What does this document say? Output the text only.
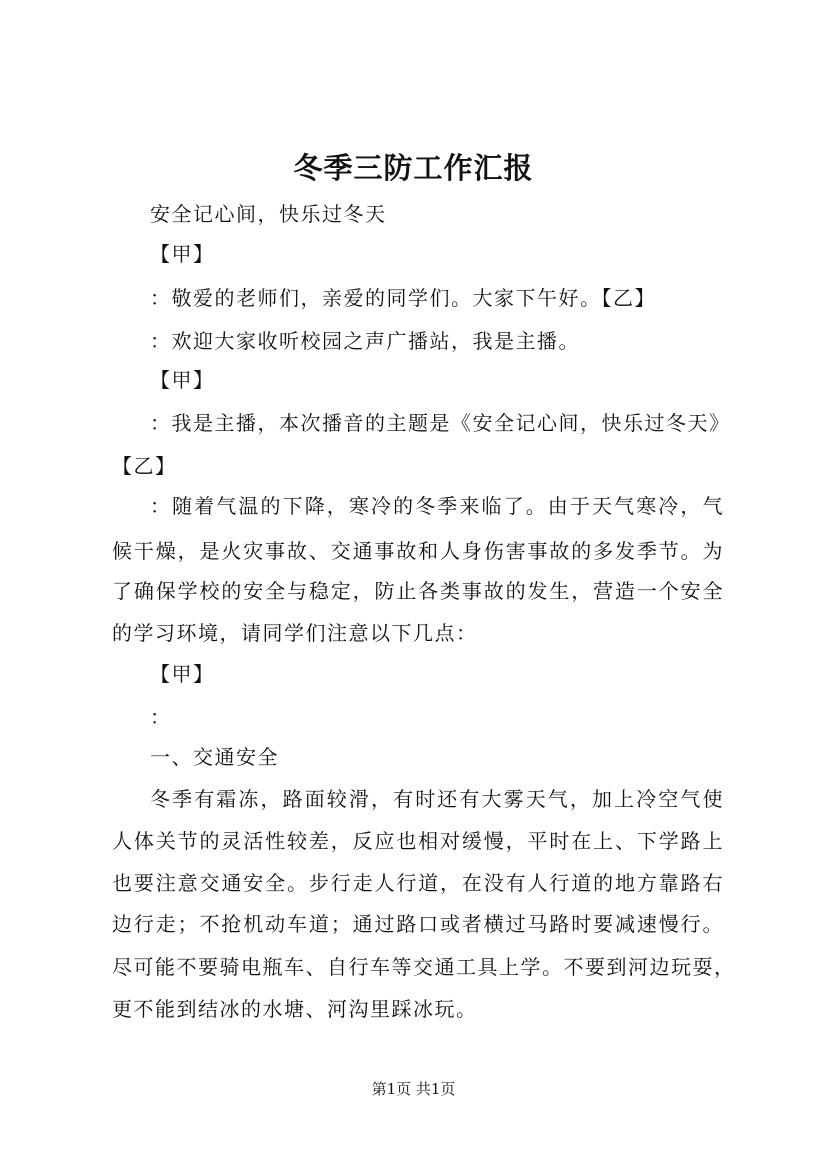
冬季三防工作汇报
安全记心间，快乐过冬天
【甲】
：敬爱的老师们，亲爱的同学们。大家下午好。【乙】
：欢迎大家收听校园之声广播站，我是主播。
【甲】
：我是主播，本次播音的主题是《安全记心间，快乐过冬天》
【乙】
：随着气温的下降，寒冷的冬季来临了。由于天气寒冷，气
候干燥，是火灾事故、交通事故和人身伤害事故的多发季节。为
了确保学校的安全与稳定，防止各类事故的发生，营造一个安全
的学习环境，请同学们注意以下几点：
【甲】
：
一、交通安全
冬季有霜冻，路面较滑，有时还有大雾天气，加上冷空气使
人体关节的灵活性较差，反应也相对缓慢，平时在上、下学路上
也要注意交通安全。步行走人行道，在没有人行道的地方靠路右
边行走；不抢机动车道；通过路口或者横过马路时要减速慢行。
尽可能不要骑电瓶车、自行车等交通工具上学。不要到河边玩耍，
更不能到结冰的水塘、河沟里踩冰玩。
第1页 共1页
